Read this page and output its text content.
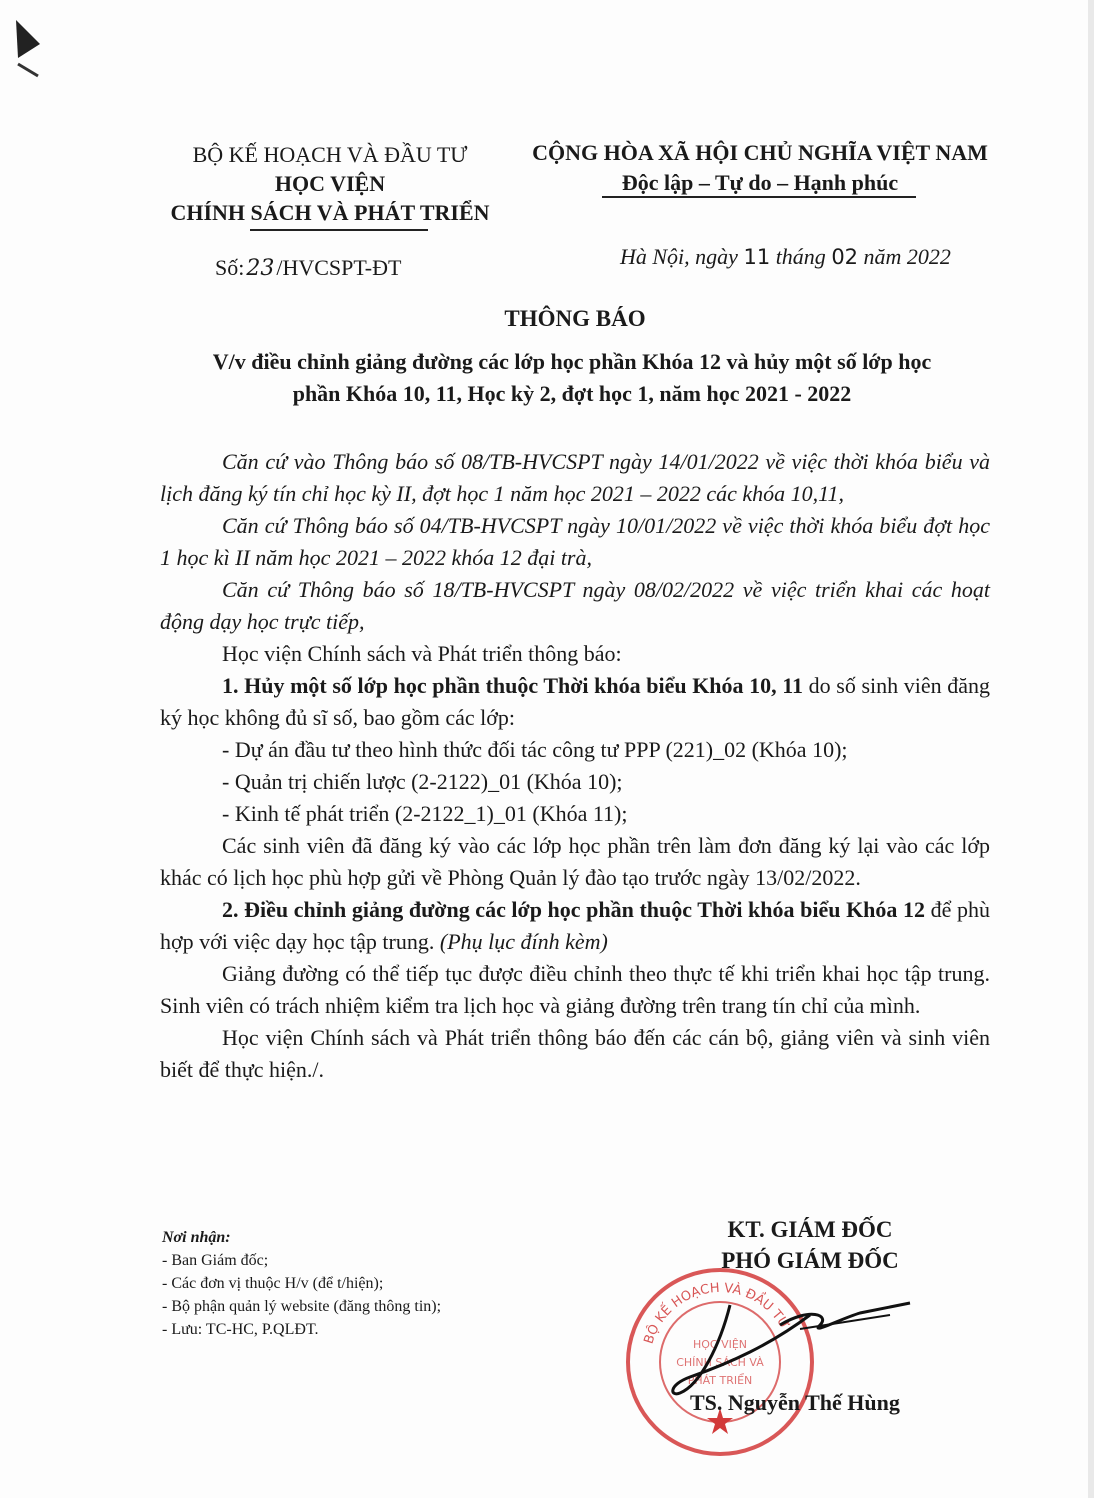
BỘ KẾ HOẠCH VÀ ĐẦU TƯ
HỌC VIỆN
CHÍNH SÁCH VÀ PHÁT TRIỂN
CỘNG HÒA XÃ HỘI CHỦ NGHĨA VIỆT NAM
Độc lập – Tự do – Hạnh phúc
Số:23/HVCSPT-ĐT	Hà Nội, ngày 11 tháng 02 năm 2022
THÔNG BÁO
V/v điều chỉnh giảng đường các lớp học phần Khóa 12 và hủy một số lớp học
phần Khóa 10, 11, Học kỳ 2, đợt học 1, năm học 2021 - 2022

Căn cứ vào Thông báo số 08/TB-HVCSPT ngày 14/01/2022 về việc thời khóa biểu và lịch đăng ký tín chỉ học kỳ II, đợt học 1 năm học 2021 – 2022 các khóa 10,11,

Căn cứ Thông báo số 04/TB-HVCSPT ngày 10/01/2022 về việc thời khóa biểu đợt học 1 học kì II năm học 2021 – 2022 khóa 12 đại trà,

Căn cứ Thông báo số 18/TB-HVCSPT ngày 08/02/2022 về việc triển khai các hoạt động dạy học trực tiếp,

Học viện Chính sách và Phát triển thông báo:

1. Hủy một số lớp học phần thuộc Thời khóa biểu Khóa 10, 11 do số sinh viên đăng ký học không đủ sĩ số, bao gồm các lớp:

- Dự án đầu tư theo hình thức đối tác công tư PPP (221)_02 (Khóa 10);

- Quản trị chiến lược (2-2122)_01 (Khóa 10);

- Kinh tế phát triển (2-2122_1)_01 (Khóa 11);

Các sinh viên đã đăng ký vào các lớp học phần trên làm đơn đăng ký lại vào các lớp khác có lịch học phù hợp gửi về Phòng Quản lý đào tạo trước ngày 13/02/2022.

2. Điều chỉnh giảng đường các lớp học phần thuộc Thời khóa biểu Khóa 12 để phù hợp với việc dạy học tập trung. (Phụ lục đính kèm)

Giảng đường có thể tiếp tục được điều chỉnh theo thực tế khi triển khai học tập trung. Sinh viên có trách nhiệm kiểm tra lịch học và giảng đường trên trang tín chỉ của mình.

Học viện Chính sách và Phát triển thông báo đến các cán bộ, giảng viên và sinh viên biết để thực hiện./.

Nơi nhận:
- Ban Giám đốc;
- Các đơn vị thuộc H/v (để t/hiện);
- Bộ phận quản lý website (đăng thông tin);
- Lưu: TC-HC, P.QLĐT.
KT. GIÁM ĐỐC
PHÓ GIÁM ĐỐC
BỘ KẾ HOẠCH VÀ ĐẦU TƯ
HỌC VIỆN
CHÍNH SÁCH VÀ
PHÁT TRIỂN
TS. Nguyễn Thế Hùng
